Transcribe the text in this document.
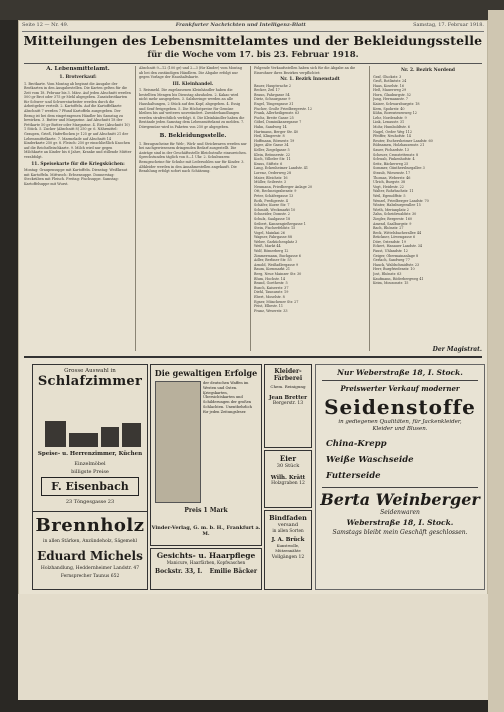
Seite 12 — Nr. 49.	Frankfurter Nachrichten und Intelligenz-Blatt	Samstag, 17. Februar 1918.
Mitteilungen des Lebensmittelamtes und der Bekleidungsstelle
für die Woche vom 17. bis 23. Februar 1918.
A. Lebensmittelamt.
1. Brotverkauf:

1. Brotkarte. Vom Montag ab beginnt die Ausgabe der Brotkarten in den Ausgabestellen. Die Karten gelten für die Zeit vom 18. Februar bis 3. März. Auf jeden Abschnitt werden 500 gr Brot oder 375 gr Mehl abgegeben. Zusatzbrotkarten für Schwer- und Schwerstarbeiter werden durch die Arbeitgeber verteilt. 2. Kartoffeln. Auf die Kartoffelkarte Abschnitt 7 werden 7 Pfund Kartoffeln ausgegeben. Der Bezug ist bei dem eingetragenen Händler bis Samstag zu bewirken. 3. Butter und Margarine. Auf Abschnitt 18 der Fettkarte 50 gr Butter oder Margarine. 4. Eier (Abschnitt 10) 1 Stück. 5. Zucker (Abschnitt 8) 250 gr. 6. Nährmittel: Graupen, Grieß, Haferflocken je 125 gr auf Abschnitt 21 der Lebensmittelkarte. 7. Marmelade auf Abschnitt 14 Kinderkarte 250 gr. 8. Fleisch: 250 gr einschließlich Knochen auf die Reichsfleischkarte. 9. Milch wird nur gegen Milchkarte an Kinder bis 6 Jahre, Kranke und stillende Mütter verabfolgt.

11. Speisekarte für die Kriegsküchen:

Montag: Graupensuppe mit Kartoffeln. Dienstag: Weißkraut mit Kartoffeln. Mittwoch: Erbsensuppe. Donnerstag: Steckrüben mit Fleisch. Freitag: Fischsuppe. Samstag: Kartoffelsuppe mit Wurst.

Abschnitt 9—12 (100 gr) und 2—3 (für Kinder) vom Montag ab bei den zuständigen Händlern. Die Abgabe erfolgt nur gegen Vorlage der Haushaltskarte.

III. Kleinhandel.

1. Reismehl. Die zugelassenen Kleinhändler haben die bestellten Mengen bis Dienstag abzuholen. 2. Kakao wird nicht mehr ausgegeben. 3. Salzheringe werden an alle Haushaltungen, 2 Stück auf den Kopf, abgegeben. 4. Essig und Senf freigegeben. 5. Die Höchstpreise für Gemüse bleiben bis auf weiteres unverändert. Zuwiderhandlungen werden strafrechtlich verfolgt. 6. Die Kleinhändler haben die Bestände jeden Samstag dem Lebensmittelamt zu melden. 7. Dörrgemüse wird in Paketen von 250 gr abgegeben.

B. Bekleidungsstelle.

1. Bezugsscheine für Web-, Wirk- und Strickwaren werden nur bei nachgewiesenem dringenden Bedarf ausgestellt. Die Anträge sind in der Geschäftsstelle Bleichstraße einzureichen. Sprechstunden täglich von 8—1 Uhr. 2. Schuhwaren: Bezugsscheine für Schuhe mit Ledersohlen nur für Kinder. 3. Altkleider werden in den Annahmestellen angekauft. Die Bezahlung erfolgt sofort nach Schätzung.

Folgende Verkaufsstellen haben sich für die Abgabe an die Einwohner ihres Bezirkes verpflichtet:

Nr. 1. Bezirk Innenstadt
Bauer, Hauptwache 2
Becker, Zeil 17
Braun, Fahrgasse 54
Dietz, Schnurgasse 9
Engel, Töngesgasse 31
Fischer, Große Friedbergerstr. 12
Frank, Allerheiligenstr. 63
Fuchs, Breite Gasse 25
Göbel, Dominikanergasse 7
Hahn, Sandweg 14
Hartmann, Berger Str. 40
Heil, Klingerstr. 8
Hoffmann, Börnestr. 19
Jäger, Alte Gasse 34
Keller, Ziegelgasse 5
Klein, Brönnerstr. 22
Koch, Vilbeler Str. 11
Kraus, Stiftstr. 6
Lang, Eckenheimer Landstr. 41
Lorenz, Oederweg 28
Maier, Bleichstr. 16
Müller, Seilerstr. 3
Neumann, Friedberger Anlage 20
Ott, Rechneigrabenstr. 9
Peter, Schäfergasse 13
Roth, Predigerstr. 4
Schäfer, Kurze Str. 7
Schmidt, Weckmarkt 10
Schneider, Domstr. 2
Schulz, Saalgasse 18
Seibert, Kannengießergasse 1
Stein, Fischerfeldstr. 15
Vogel, Mainkai 26
Wagner, Fahrgasse 88
Weber, Garküchenplatz 3
Weiß, Markt 44
Wolf, Römerberg 12
Zimmermann, Buchgasse 6
Adler, Berliner Str. 55
Arnold, Weißadlergasse 9
Baum, Kornmarkt 21
Berg, Neue Mainzer Str. 30
Blum, Hochstr. 14
Brand, Goethestr. 5
Busch, Kaiserstr. 37
Diehl, Taunusstr. 19
Ebert, Moselstr. 8
Egner, Münchener Str. 27
Feist, Elbestr. 11
Franz, Weserstr. 33
Nr. 2. Bezirk Nordend
Graf, Gluckstr. 3
Groß, Rotlintstr. 24
Haas, Koselstr. 16
Heß, Mauerweg 29
Horn, Glauburgstr. 52
Jung, Hermannstr. 7
Kaiser, Schwarzburgstr. 18
Kern, Spohrstr. 40
Kühn, Bornwiesenweg 12
Lehr, Nordendstr. 9
Link, Lenaustr. 31
Mohr, Humboldtstr. 6
Nagel, Oeder Weg 112
Pfeiffer, Neuhofstr. 14
Reuter, Eschersheimer Landstr. 60
Rübsamen, Holzhausenstr. 21
Sauer, Fichardstr. 13
Scheuer, Cronstettenstr. 8
Schwab, Finkenhofstr. 4
Seitz, Bäckerweg 25
Sommer, Günthersburgallee 3
Straub, Wiesenstr. 17
Thomas, Weberstr. 46
Ulrich, Burgstr. 38
Vogt, Heidestr. 22
Walter, Rohrbachstr. 11
Weil, Egenolffstr. 5
Wenzel, Friedberger Landstr. 70
Winter, Habsburgerallee 15
Wirth, Merianplatz 2
Zahn, Scheidswaldstr. 30
Ziegler, Bergerstr. 160
Amend, Saalburgstr. 9
Bach, Rhönstr. 27
Beck, Wittelsbacherallee 44
Brückner, Löwengasse 6
Dörr, Ostendstr. 19
Eckert, Hanauer Landstr. 34
Faust, Uhlandstr. 12
Geiger, Obermainanlage 8
Gerlach, Sandweg 77
Hauck, Waldschmidtstr. 23
Herr, Burgfriedenstr. 10
Jost, Rhönstr. 63
Kaufmann, Röderbergweg 41
Keim, Mousonstr. 15
Der Magistrat.
Grosse Auswahl in
Schlafzimmer
Speise- u. Herrenzimmer, Küchen
Einzelmöbel
billigste Preise
F. Eisenbach
23 Töngesgasse 23
Brennholz
in allen Stärken, Anzündeholz, Sägemehl
Eduard Michels
Holzhandlung, Heddernheimer Landstr. 47
Fernsprecher Taunus 652
Die gewaltigen Erfolge
der deutschen Waffen im Westen und Osten. Kriegskarten, Übersichtskarten und Schilderungen der großen Schlachten. Unentbehrlich für jeden Zeitungsleser.
Preis 1 Mark
Vinder-Verlag, G. m. b. H., Frankfurt a. M.
Gesichts- u. Haarpflege
Manicure, Haarfärben, Kopfwaschen
Bockstr. 33, I. Emilie Bäcker
Kleider-
Färberei
Chem. Reinigung
Jean Bretter
Bergerstr. 13
Eier
30 Stück
Wilh. Krätt
Holzgraben 12
Bindfaden
versand
in allen Sorten
J. A. Brück
Kunstwolle, Mützennähte
Vollgängen 12
Nur Weberstraße 18, I. Stock.
Preiswerter Verkauf moderner
Seidenstoffe
in gediegenen Qualitäten, für Jackenkleider, Kleider und Blusen.
China-Krepp
Weiße Waschseide
Futterseide
Berta Weinberger
Seidenwaren
Weberstraße 18, I. Stock.
Samstags bleibt mein Geschäft geschlossen.
